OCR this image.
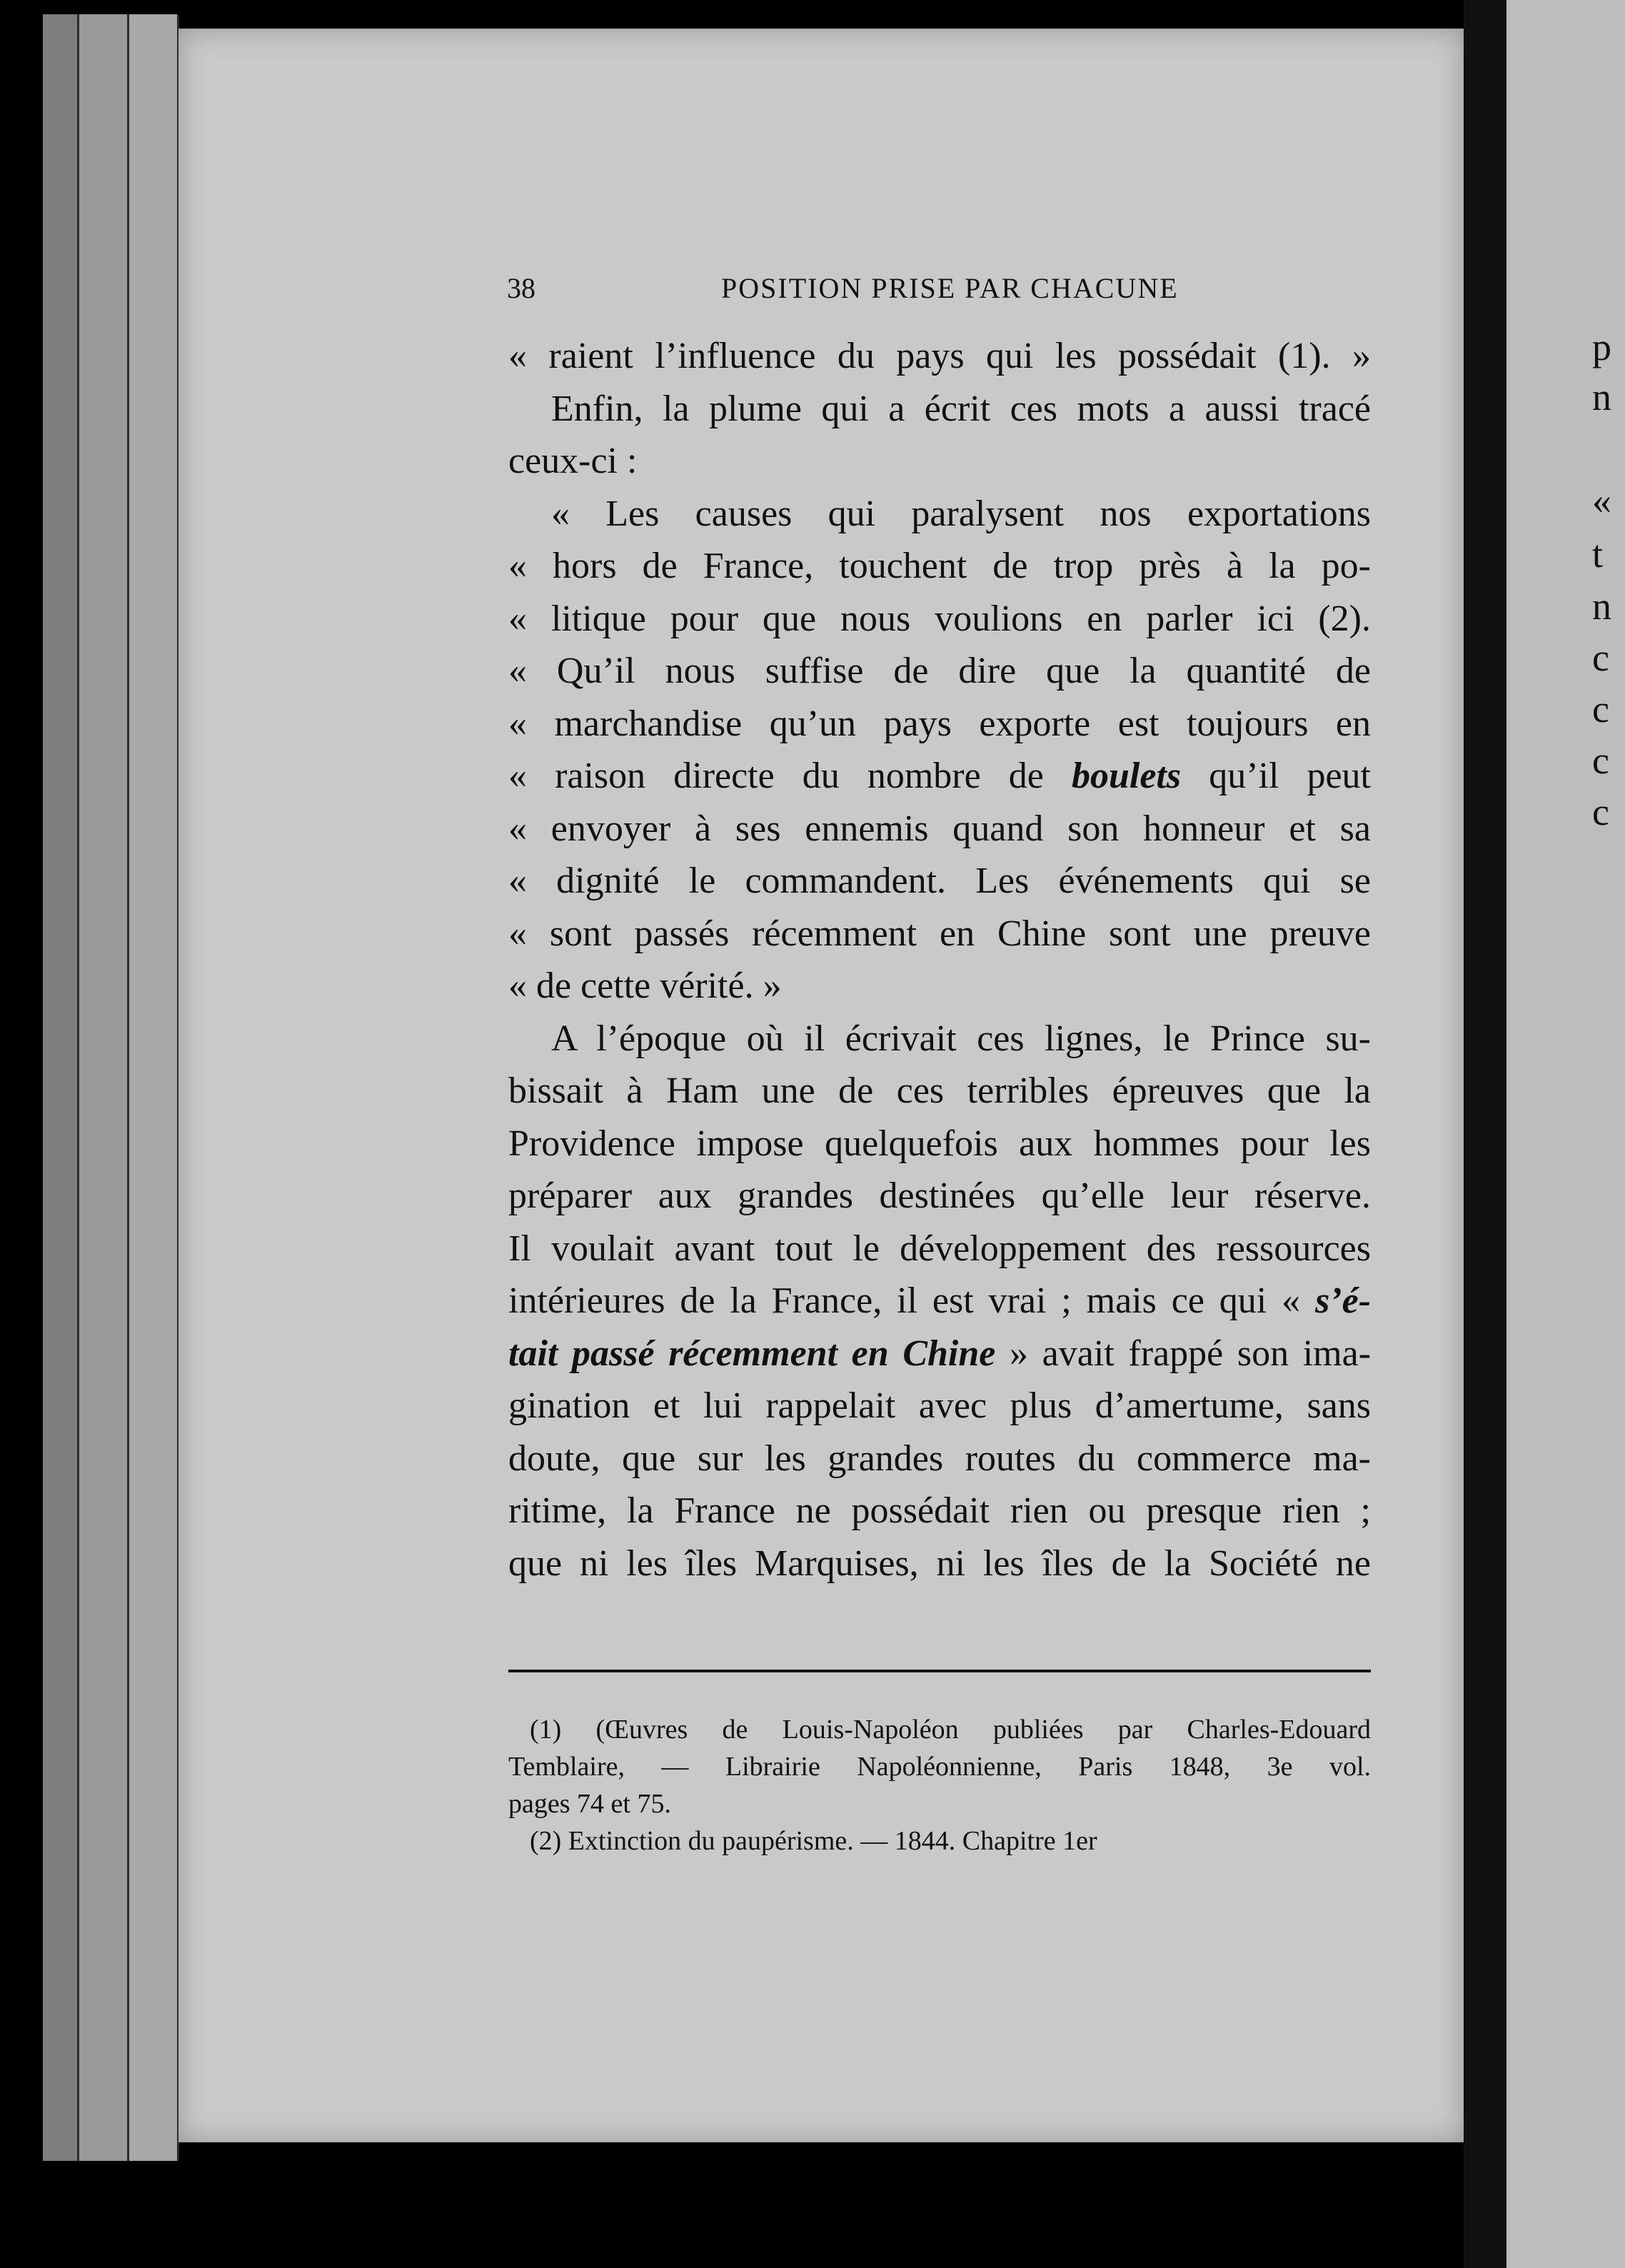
p
n
«
t
n
c
c
c
c
38	POSITION PRISE PAR CHACUNE
« raient l’influence du pays qui les possédait (1). »
Enfin, la plume qui a écrit ces mots a aussi tracé
ceux-ci :
« Les causes qui paralysent nos exportations
« hors de France, touchent de trop près à la po-
« litique pour que nous voulions en parler ici (2).
« Qu’il nous suffise de dire que la quantité de
« marchandise qu’un pays exporte est toujours en
« raison directe du nombre de boulets qu’il peut
« envoyer à ses ennemis quand son honneur et sa
« dignité le commandent. Les événements qui se
« sont passés récemment en Chine sont une preuve
« de cette vérité. »
A l’époque où il écrivait ces lignes, le Prince su-
bissait à Ham une de ces terribles épreuves que la
Providence impose quelquefois aux hommes pour les
préparer aux grandes destinées qu’elle leur réserve.
Il voulait avant tout le développement des ressources
intérieures de la France, il est vrai ; mais ce qui « s’é-
tait passé récemment en Chine » avait frappé son ima-
gination et lui rappelait avec plus d’amertume, sans
doute, que sur les grandes routes du commerce ma-
ritime, la France ne possédait rien ou presque rien ;
que ni les îles Marquises, ni les îles de la Société ne
(1) (Œuvres de Louis-Napoléon publiées par Charles-Edouard
Temblaire, — Librairie Napoléonnienne, Paris 1848, 3e vol.
pages 74 et 75.
(2) Extinction du paupérisme. — 1844. Chapitre 1er
